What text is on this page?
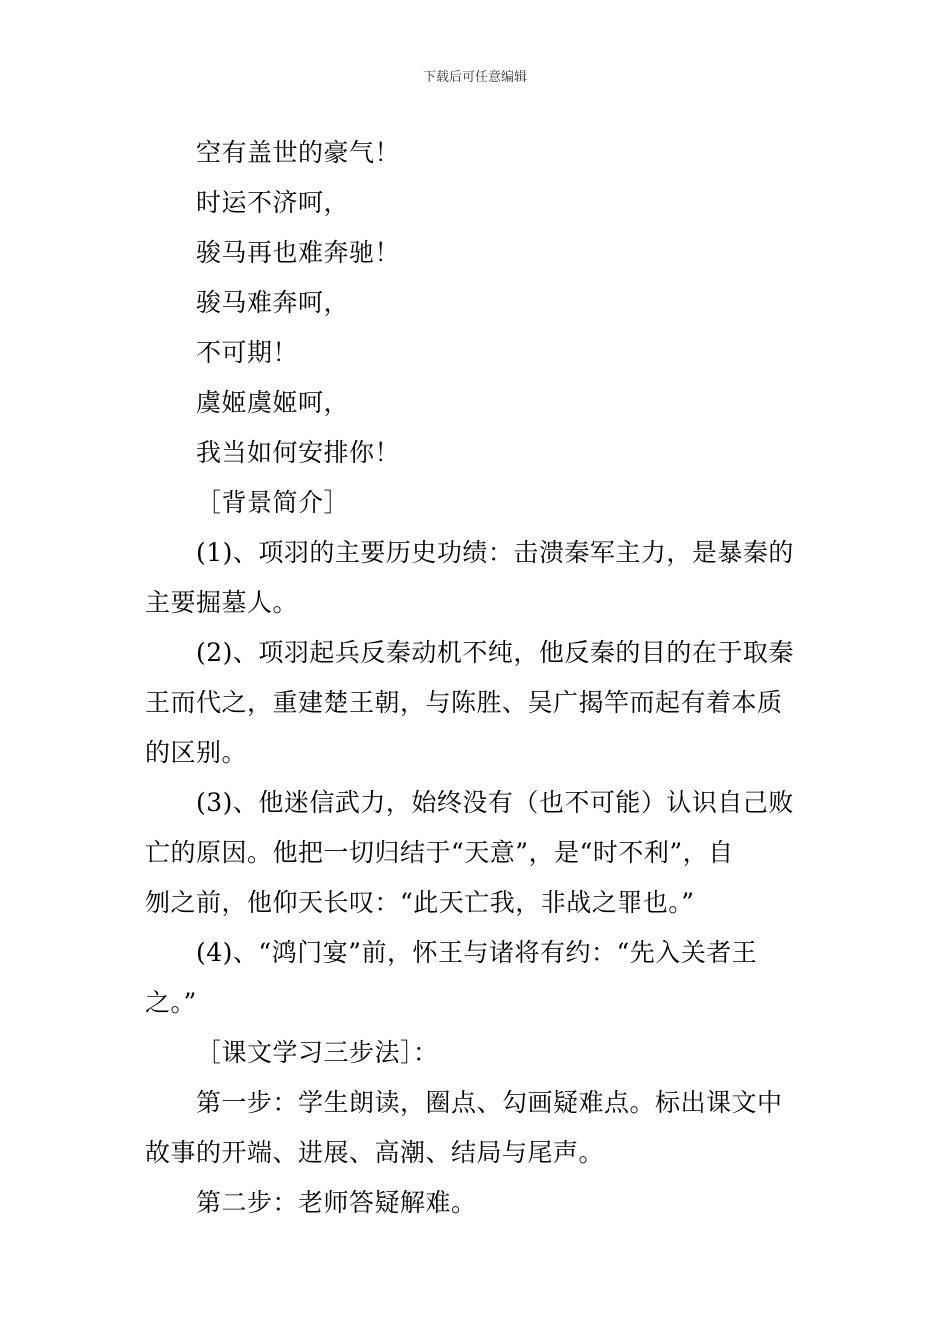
下载后可任意编辑
空有盖世的豪气！
时运不济呵，
骏马再也难奔驰！
骏马难奔呵，
不可期！
虞姬虞姬呵，
我当如何安排你！
［背景简介］
(1)、项羽的主要历史功绩：击溃秦军主力，是暴秦的
主要掘墓人。
(2)、项羽起兵反秦动机不纯，他反秦的目的在于取秦
王而代之，重建楚王朝，与陈胜、吴广揭竿而起有着本质
的区别。
(3)、他迷信武力，始终没有（也不可能）认识自己败
亡的原因。他把一切归结于“天意”，是“时不利”，自
刎之前，他仰天长叹：“此天亡我，非战之罪也。”
(4)、“鸿门宴”前，怀王与诸将有约：“先入关者王
之。”
［课文学习三步法］：
第一步：学生朗读，圈点、勾画疑难点。标出课文中
故事的开端、进展、高潮、结局与尾声。
第二步：老师答疑解难。
